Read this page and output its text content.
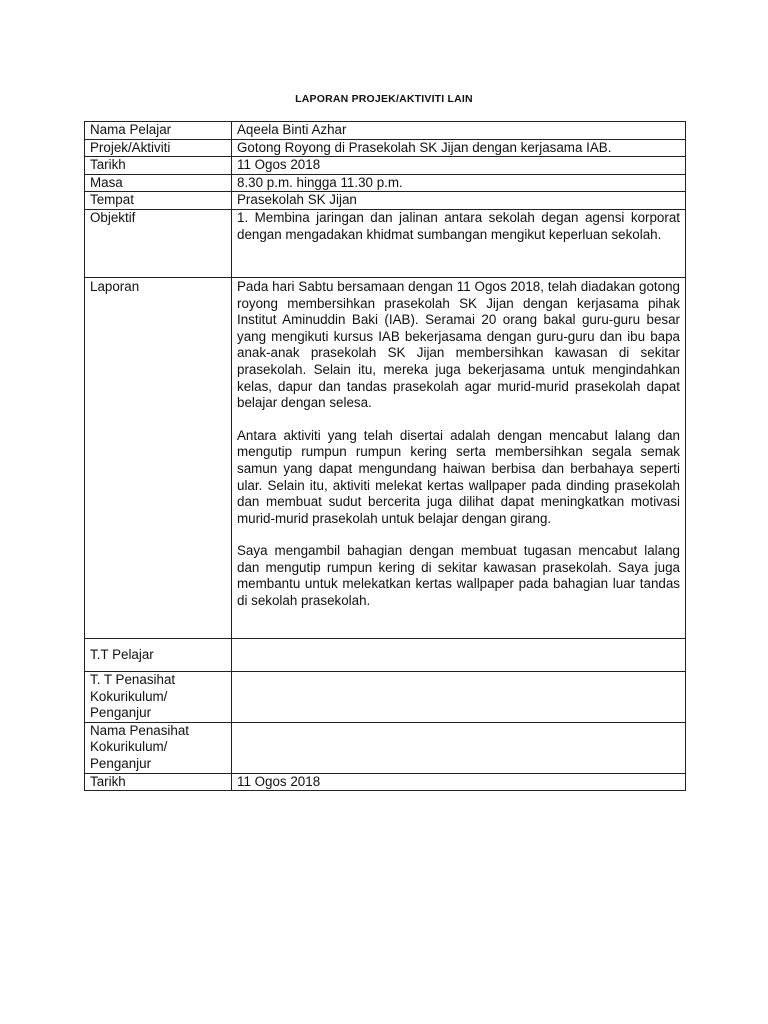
LAPORAN PROJEK/AKTIVITI LAIN
Nama Pelajar	Aqeela Binti Azhar
Projek/Aktiviti	Gotong Royong di Prasekolah SK Jijan dengan kerjasama IAB.
Tarikh	11 Ogos 2018
Masa	8.30 p.m. hingga 11.30 p.m.
Tempat	Prasekolah SK Jijan
Objektif	1. Membina jaringan dan jalinan antara sekolah degan agensi korporat dengan mengadakan khidmat sumbangan mengikut keperluan sekolah.

Laporan	Pada hari Sabtu bersamaan dengan 11 Ogos 2018, telah diadakan gotong royong membersihkan prasekolah SK Jijan dengan kerjasama pihak Institut Aminuddin Baki (IAB). Seramai 20 orang bakal guru-guru besar yang mengikuti kursus IAB bekerjasama dengan guru-guru dan ibu bapa anak-anak prasekolah SK Jijan membersihkan kawasan di sekitar prasekolah. Selain itu, mereka juga bekerjasama untuk mengindahkan kelas, dapur dan tandas prasekolah agar murid-murid prasekolah dapat belajar dengan selesa.

Antara aktiviti yang telah disertai adalah dengan mencabut lalang dan mengutip rumpun rumpun kering serta membersihkan segala semak samun yang dapat mengundang haiwan berbisa dan berbahaya seperti ular. Selain itu, aktiviti melekat kertas wallpaper pada dinding prasekolah dan membuat sudut bercerita juga dilihat dapat meningkatkan motivasi murid-murid prasekolah untuk belajar dengan girang.

Saya mengambil bahagian dengan membuat tugasan mencabut lalang dan mengutip rumpun kering di sekitar kawasan prasekolah. Saya juga membantu untuk melekatkan kertas wallpaper pada bahagian luar tandas di sekolah prasekolah.

T.T Pelajar	
T. T Penasihat Kokurikulum/ Penganjur	
Nama Penasihat Kokurikulum/ Penganjur	
Tarikh	11 Ogos 2018
